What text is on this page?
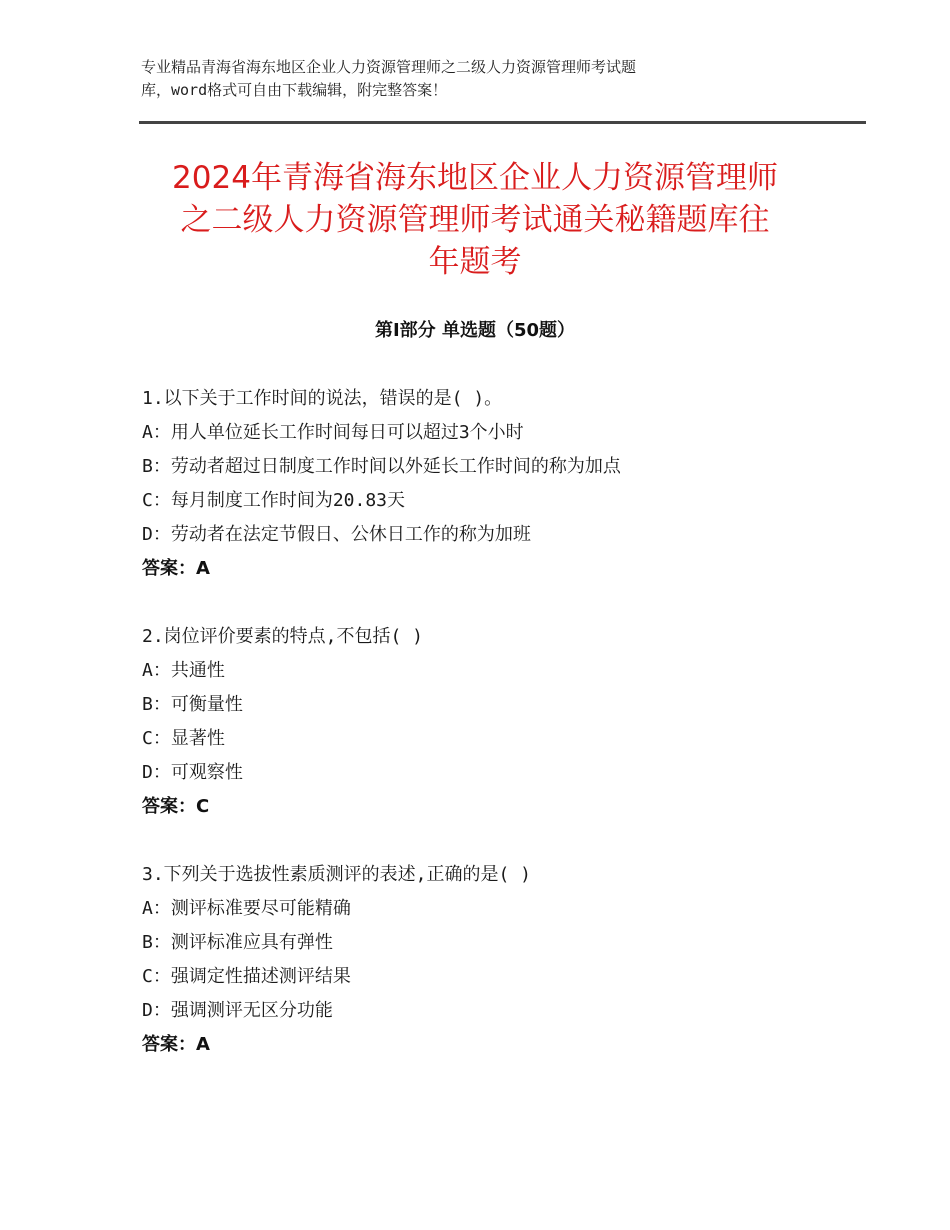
专业精品青海省海东地区企业人力资源管理师之二级人力资源管理师考试题
库，word格式可自由下载编辑，附完整答案！
2024年青海省海东地区企业人力资源管理师
之二级人力资源管理师考试通关秘籍题库往
年题考
第I部分 单选题（50题）
1.以下关于工作时间的说法，错误的是( )。
A：用人单位延长工作时间每日可以超过3个小时
B：劳动者超过日制度工作时间以外延长工作时间的称为加点
C：每月制度工作时间为20.83天
D：劳动者在法定节假日、公休日工作的称为加班
答案：A
2.岗位评价要素的特点,不包括( )
A：共通性
B：可衡量性
C：显著性
D：可观察性
答案：C
3.下列关于选拔性素质测评的表述,正确的是( )
A：测评标准要尽可能精确
B：测评标准应具有弹性
C：强调定性描述测评结果
D：强调测评无区分功能
答案：A
